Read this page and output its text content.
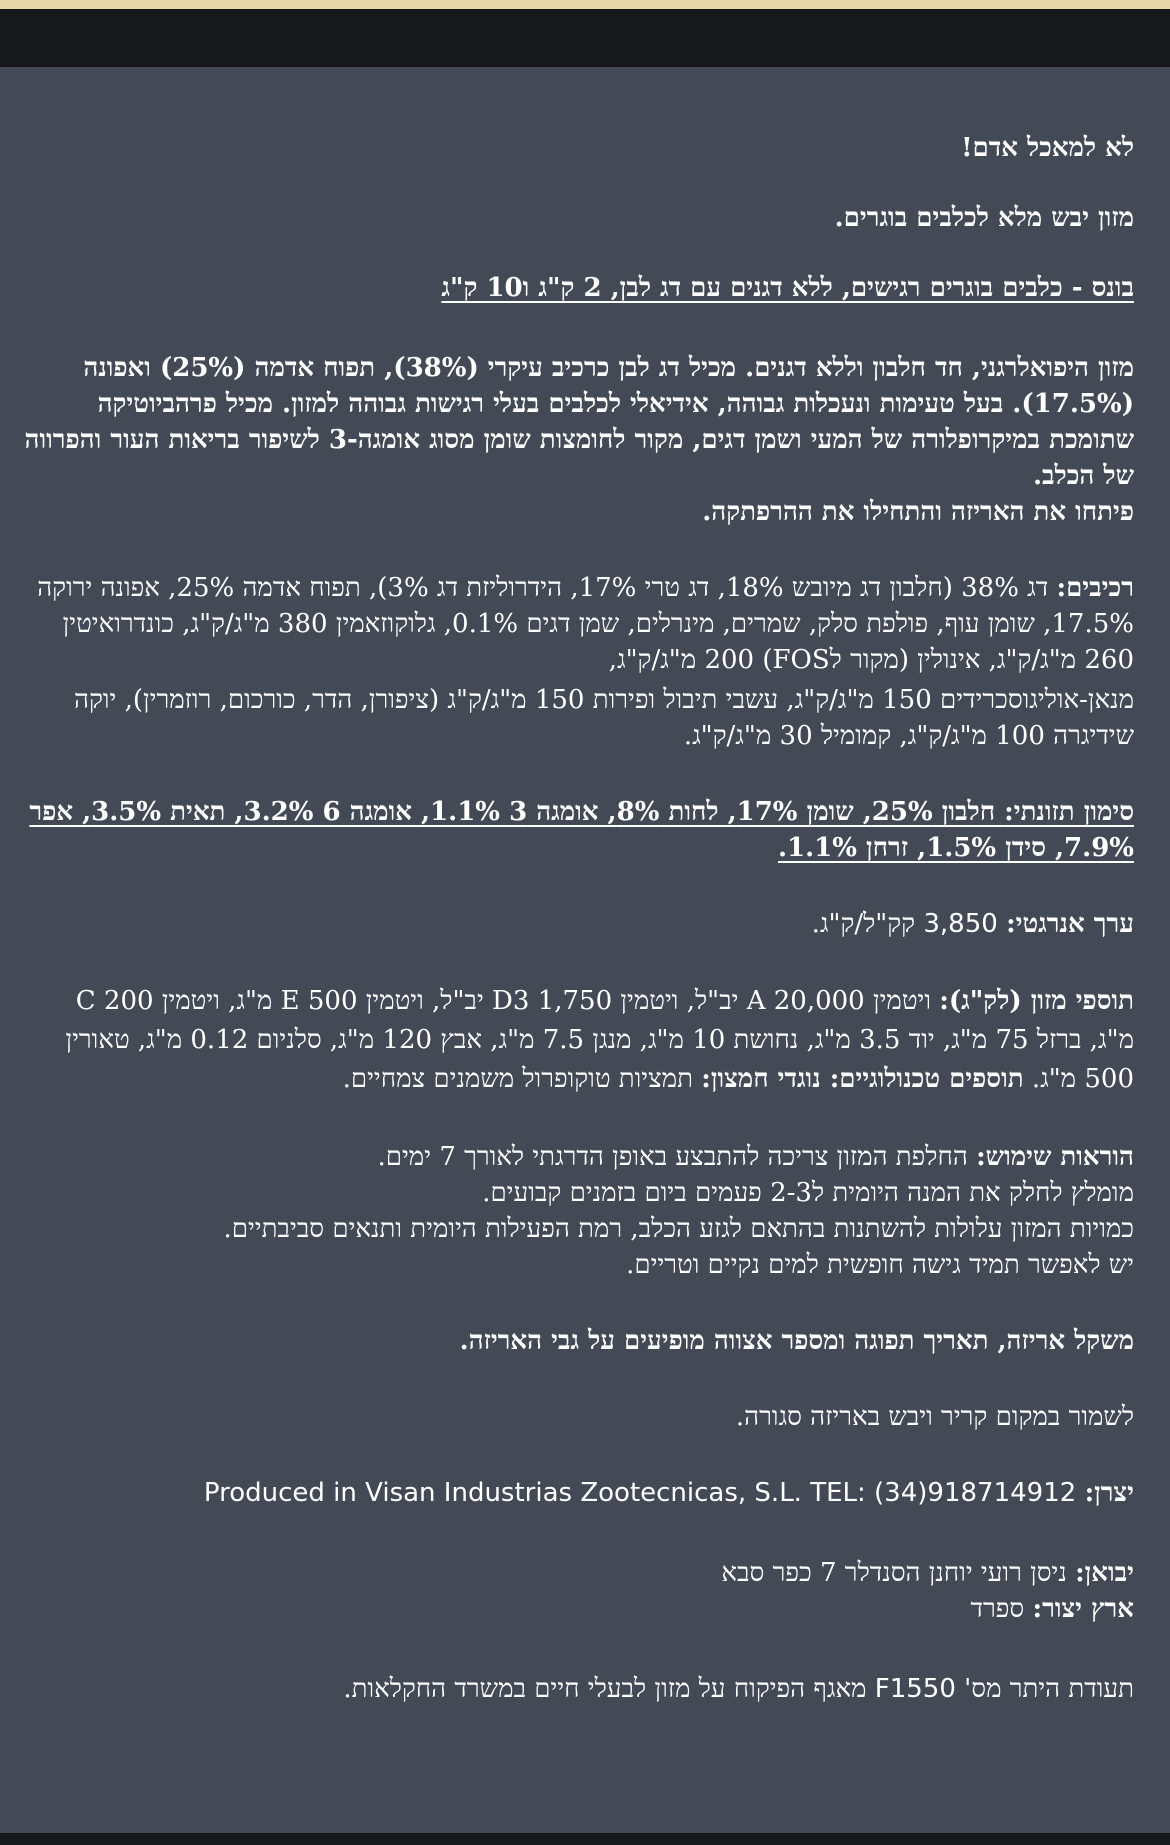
לא למאכל אדם!

מזון יבש מלא לכלבים בוגרים.

בונס - כלבים בוגרים רגישים, ללא דגנים עם דג לבן, 2 ק"ג ו10 ק"ג

מזון היפואלרגני, חד חלבון וללא דגנים. מכיל דג לבן כרכיב עיקרי (38%), תפוח אדמה (25%) ואפונה (17.5%). בעל טעימות ונעכלות גבוהה, אידיאלי לכלבים בעלי רגישות גבוהה למזון. מכיל פרהביוטיקה שתומכת במיקרופלורה של המעי ושמן דגים, מקור לחומצות שומן מסוג אומגה-3 לשיפור בריאות העור והפרווה של הכלב.

פיתחו את האריזה והתחילו את ההרפתקה.

רכיבים: דג 38% (חלבון דג מיובש 18%, דג טרי 17%, הידרוליזת דג 3%), תפוח אדמה 25%, אפונה ירוקה 17.5%, שומן עוף, פולפת סלק, שמרים, מינרלים, שמן דגים 0.1%, גלוקוזאמין 380 מ"ג/ק"ג, כונדרואיטין 260 מ"ג/ק"ג, אינולין (מקור לFOS) 200 מ"ג/ק"ג,

מנאן-אוליגוסכרידים 150 מ"ג/ק"ג, עשבי תיבול ופירות 150 מ"ג/ק"ג (ציפורן, הדר, כורכום, רוזמרין), יוקה שידיגרה 100 מ"ג/ק"ג, קמומיל 30 מ"ג/ק"ג.

סימון תזונתי: חלבון 25%, שומן 17%, לחות 8%, אומגה 3 1.1%, אומגה 6 3.2%, תאית 3.5%, אפר 7.9%, סידן 1.5%, זרחן 1.1%.

ערך אנרגטי: 3,850 קק"ל/ק"ג.

תוספי מזון (לק"ג): ויטמין A 20,000 יב"ל, ויטמין D3 1,750 יב"ל, ויטמין E 500 מ"ג, ויטמין C 200 מ"ג, ברזל 75 מ"ג, יוד 3.5 מ"ג, נחושת 10 מ"ג, מנגן 7.5 מ"ג, אבץ 120 מ"ג, סלניום 0.12 מ"ג, טאורין 500 מ"ג. תוספים טכנולוגיים: נוגדי חמצון: תמציות טוקופרול משמנים צמחיים.

הוראות שימוש: החלפת המזון צריכה להתבצע באופן הדרגתי לאורך 7 ימים.

מומלץ לחלק את המנה היומית ל2-3 פעמים ביום בזמנים קבועים.

כמויות המזון עלולות להשתנות בהתאם לגזע הכלב, רמת הפעילות היומית ותנאים סביבתיים.

יש לאפשר תמיד גישה חופשית למים נקיים וטריים.

משקל אריזה, תאריך תפוגה ומספר אצווה מופיעים על גבי האריזה.

לשמור במקום קריר ויבש באריזה סגורה.

יצרן: Produced in Visan Industrias Zootecnicas, S.L. TEL: (34)918714912

יבואן: ניסן רועי יוחנן הסנדלר 7 כפר סבא

ארץ יצור: ספרד

תעודת היתר מס' F1550 מאגף הפיקוח על מזון לבעלי חיים במשרד החקלאות.
